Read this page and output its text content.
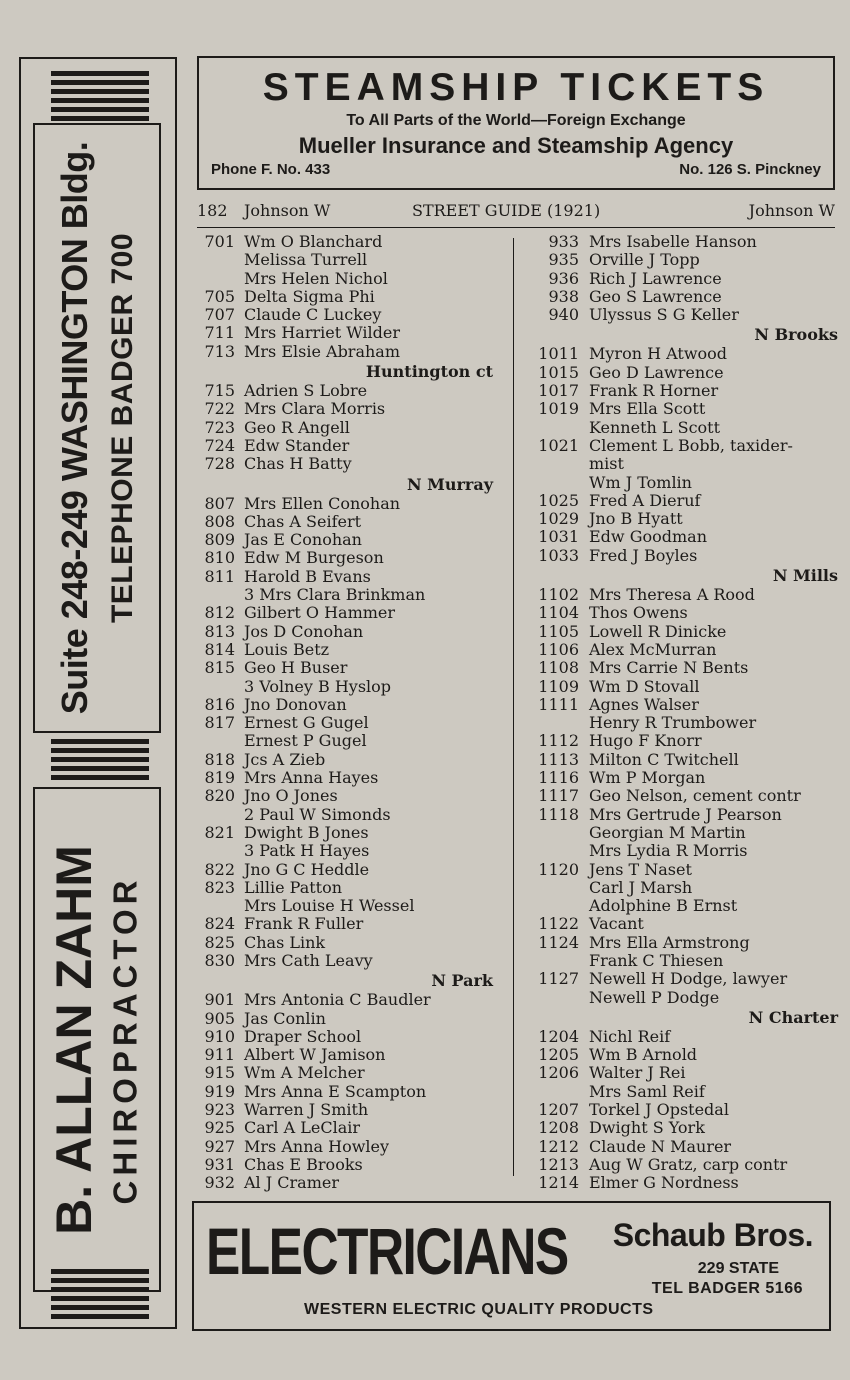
Suite 248-249 WASHINGTON Bldg. TELEPHONE BADGER 700
B. ALLAN ZAHM CHIROPRACTOR
STEAMSHIP TICKETS
To All Parts of the World—Foreign Exchange
Mueller Insurance and Steamship Agency
Phone F. No. 433	No. 126 S. Pinckney
182 Johnson W	STREET GUIDE (1921)	Johnson W
701 Wm O Blanchard
Melissa Turrell
Mrs Helen Nichol
705 Delta Sigma Phi
707 Claude C Luckey
711 Mrs Harriet Wilder
713 Mrs Elsie Abraham
Huntington ct
715 Adrien S Lobre
722 Mrs Clara Morris
723 Geo R Angell
724 Edw Stander
728 Chas H Batty
N Murray
807 Mrs Ellen Conohan
808 Chas A Seifert
809 Jas E Conohan
810 Edw M Burgeson
811 Harold B Evans
3 Mrs Clara Brinkman
812 Gilbert O Hammer
813 Jos D Conohan
814 Louis Betz
815 Geo H Buser
3 Volney B Hyslop
816 Jno Donovan
817 Ernest G Gugel
Ernest P Gugel
818 Jcs A Zieb
819 Mrs Anna Hayes
820 Jno O Jones
2 Paul W Simonds
821 Dwight B Jones
3 Patk H Hayes
822 Jno G C Heddle
823 Lillie Patton
Mrs Louise H Wessel
824 Frank R Fuller
825 Chas Link
830 Mrs Cath Leavy
N Park
901 Mrs Antonia C Baudler
905 Jas Conlin
910 Draper School
911 Albert W Jamison
915 Wm A Melcher
919 Mrs Anna E Scampton
923 Warren J Smith
925 Carl A LeClair
927 Mrs Anna Howley
931 Chas E Brooks
932 Al J Cramer
933 Mrs Isabelle Hanson
935 Orville J Topp
936 Rich J Lawrence
938 Geo S Lawrence
940 Ulyssus S G Keller
N Brooks
1011 Myron H Atwood
1015 Geo D Lawrence
1017 Frank R Horner
1019 Mrs Ella Scott
Kenneth L Scott
1021 Clement L Bobb, taxider-
mist
Wm J Tomlin
1025 Fred A Dieruf
1029 Jno B Hyatt
1031 Edw Goodman
1033 Fred J Boyles
N Mills
1102 Mrs Theresa A Rood
1104 Thos Owens
1105 Lowell R Dinicke
1106 Alex McMurran
1108 Mrs Carrie N Bents
1109 Wm D Stovall
1111 Agnes Walser
Henry R Trumbower
1112 Hugo F Knorr
1113 Milton C Twitchell
1116 Wm P Morgan
1117 Geo Nelson, cement contr
1118 Mrs Gertrude J Pearson
Georgian M Martin
Mrs Lydia R Morris
1120 Jens T Naset
Carl J Marsh
Adolphine B Ernst
1122 Vacant
1124 Mrs Ella Armstrong
Frank C Thiesen
1127 Newell H Dodge, lawyer
Newell P Dodge
N Charter
1204 Nichl Reif
1205 Wm B Arnold
1206 Walter J Rei
Mrs Saml Reif
1207 Torkel J Opstedal
1208 Dwight S York
1212 Claude N Maurer
1213 Aug W Gratz, carp contr
1214 Elmer G Nordness
ELECTRICIANS Schaub Bros.
229 STATE
TEL BADGER 5166
WESTERN ELECTRIC QUALITY PRODUCTS
